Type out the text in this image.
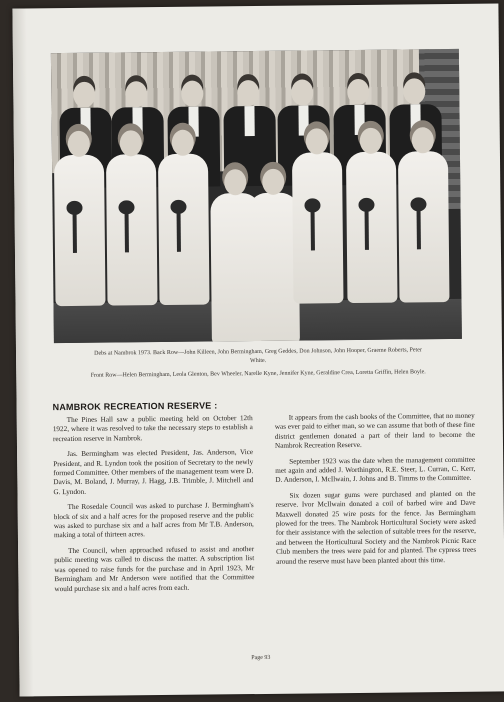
Debs at Nambrok 1973. Back Row—John Killeen, John Bermingham, Greg Geddes, Don Johnson, John Hooper, Graeme Roberts, Peter White.
Front Row—Helen Bermingham, Leola Glenton, Bev Wheeler, Narelle Kyne, Jennifer Kyne, Geraldine Crea, Loretta Griffin, Helen Boyle.
NAMBROK RECREATION RESERVE :

The Pines Hall saw a public meeting held on October 12th 1922, where it was resolved to take the necessary steps to establish a recreation reserve in Nambrok.

Jas. Bermingham was elected President, Jas. Anderson, Vice President, and R. Lyndon took the position of Secretary to the newly formed Committee. Other members of the management team were D. Davis, M. Boland, J. Murray, J. Hagg, J.B. Trimble, J. Mitchell and G. Lyndon.

The Rosedale Council was asked to purchase J. Bermingham's block of six and a half acres for the proposed reserve and the public was asked to purchase six and a half acres from Mr T.B. Anderson, making a total of thirteen acres.

The Council, when approached refused to assist and another public meeting was called to discuss the matter. A subscription list was opened to raise funds for the purchase and in April 1923, Mr Bermingham and Mr Anderson were notified that the Committee would purchase six and a half acres from each.

It appears from the cash books of the Committee, that no money was ever paid to either man, so we can assume that both of these fine district gentlemen donated a part of their land to become the Nambrok Recreation Reserve.

September 1923 was the date when the management committee met again and added J. Worthington, R.E. Steer, L. Curran, C. Kerr, D. Anderson, I. McIlwain, J. Johns and B. Timms to the Committee.

Six dozen sugar gums were purchased and planted on the reserve. Ivor McIlwain donated a coil of barbed wire and Dave Maxwell donated 25 wire posts for the fence. Jas Bermingham plowed for the trees. The Nambrok Horticultural Society were asked for their assistance with the selection of suitable trees for the reserve, and between the Horticultural Society and the Nambrok Picnic Race Club members the trees were paid for and planted. The cypress trees around the reserve must have been planted about this time.

Page 93
